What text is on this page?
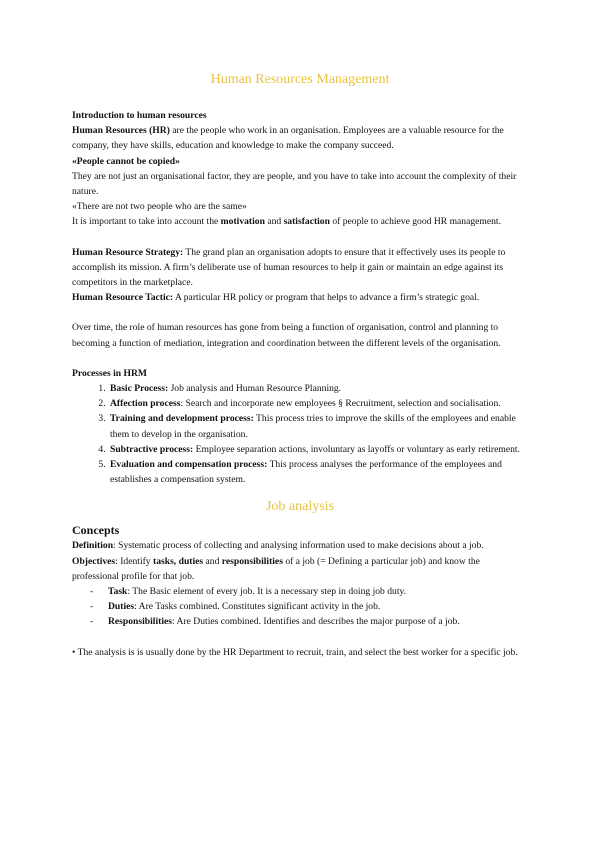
Human Resources Management

Introduction to human resources

Human Resources (HR) are the people who work in an organisation. Employees are a valuable resource for the company, they have skills, education and knowledge to make the company succeed.

«People cannot be copied»

They are not just an organisational factor, they are people, and you have to take into account the complexity of their nature.

«There are not two people who are the same»

It is important to take into account the motivation and satisfaction of people to achieve good HR management.

Human Resource Strategy: The grand plan an organisation adopts to ensure that it effectively uses its people to accomplish its mission. A firm’s deliberate use of human resources to help it gain or maintain an edge against its competitors in the marketplace.

Human Resource Tactic: A particular HR policy or program that helps to advance a firm’s strategic goal.

Over time, the role of human resources has gone from being a function of organisation, control and planning to becoming a function of mediation, integration and coordination between the different levels of the organisation.

Processes in HRM

1. Basic Process: Job analysis and Human Resource Planning.
2. Affection process: Search and incorporate new employees § Recruitment, selection and socialisation.
3. Training and development process: This process tries to improve the skills of the employees and enable them to develop in the organisation.
4. Subtractive process: Employee separation actions, involuntary as layoffs or voluntary as early retirement.
5. Evaluation and compensation process: This process analyses the performance of the employees and establishes a compensation system.
Job analysis

Concepts

Definition: Systematic process of collecting and analysing information used to make decisions about a job.

Objectives: Identify tasks, duties and responsibilities of a job (= Defining a particular job) and know the professional profile for that job.

- Task: The Basic element of every job. It is a necessary step in doing job duty.
- Duties: Are Tasks combined. Constitutes significant activity in the job.
- Responsibilities: Are Duties combined. Identifies and describes the major purpose of a job.

• The analysis is is usually done by the HR Department to recruit, train, and select the best worker for a specific job.
